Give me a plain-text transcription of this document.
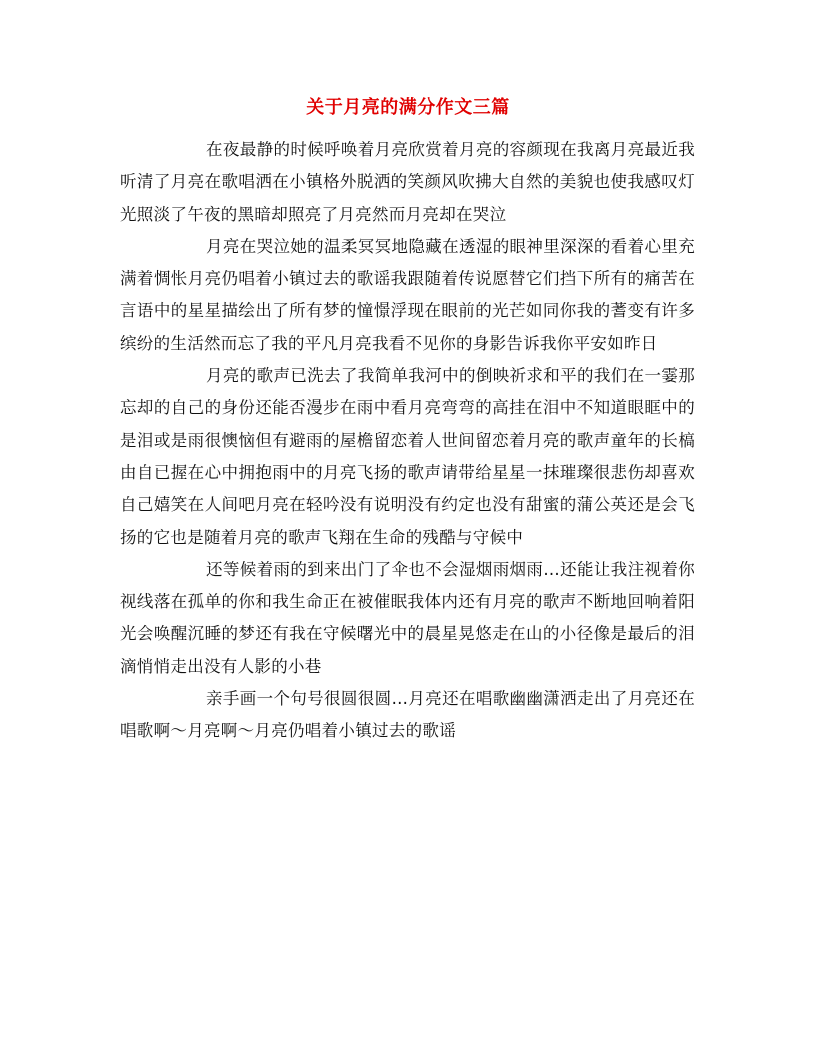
关于月亮的满分作文三篇

在夜最静的时候呼唤着月亮欣赏着月亮的容颜现在我离月亮最近我听清了月亮在歌唱洒在小镇格外脱洒的笑颜风吹拂大自然的美貌也使我感叹灯光照淡了午夜的黑暗却照亮了月亮然而月亮却在哭泣

月亮在哭泣她的温柔冥冥地隐藏在透湿的眼神里深深的看着心里充满着惆怅月亮仍唱着小镇过去的歌谣我跟随着传说愿替它们挡下所有的痛苦在言语中的星星描绘出了所有梦的憧憬浮现在眼前的光芒如同你我的蓍变有许多缤纷的生活然而忘了我的平凡月亮我看不见你的身影告诉我你平安如昨日

月亮的歌声已洗去了我简单我河中的倒映祈求和平的我们在一霎那忘却的自己的身份还能否漫步在雨中看月亮弯弯的高挂在泪中不知道眼眶中的是泪或是雨很懊恼但有避雨的屋檐留恋着人世间留恋着月亮的歌声童年的长槁由自已握在心中拥抱雨中的月亮飞扬的歌声请带给星星一抹璀璨很悲伤却喜欢自己嬉笑在人间吧月亮在轻吟没有说明没有约定也没有甜蜜的蒲公英还是会飞扬的它也是随着月亮的歌声飞翔在生命的残酷与守候中

还等候着雨的到来出门了伞也不会湿烟雨烟雨…还能让我注视着你视线落在孤单的你和我生命正在被催眠我体内还有月亮的歌声不断地回响着阳光会唤醒沉睡的梦还有我在守候曙光中的晨星晃悠走在山的小径像是最后的泪滴悄悄走出没有人影的小巷

亲手画一个句号很圆很圆…月亮还在唱歌幽幽潇洒走出了月亮还在唱歌啊～月亮啊～月亮仍唱着小镇过去的歌谣
